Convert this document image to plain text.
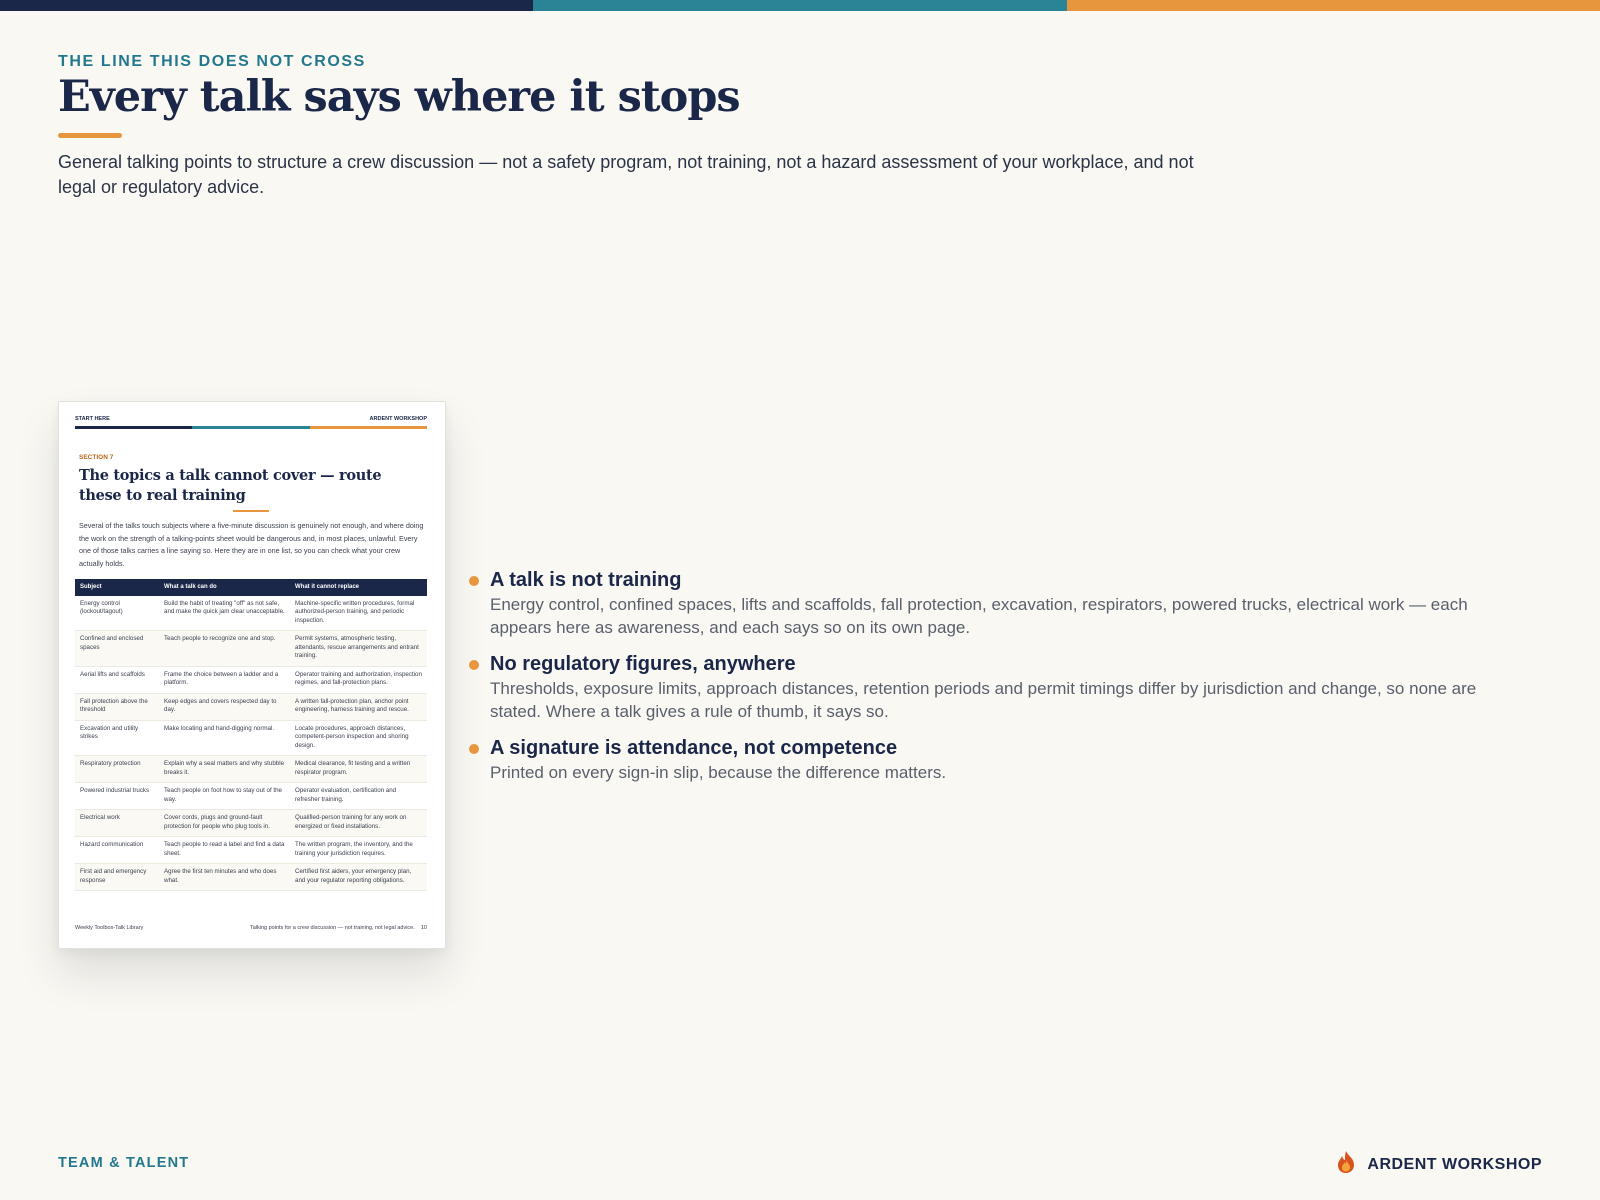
THE LINE THIS DOES NOT CROSS
Every talk says where it stops

General talking points to structure a crew discussion — not a safety program, not training, not a hazard assessment of your workplace, and not legal or regulatory advice.

START HERE	ARDENT WORKSHOP
SECTION 7
The topics a talk cannot cover — route these to real training
Several of the talks touch subjects where a five-minute discussion is genuinely not enough, and where doing the work on the strength of a talking-points sheet would be dangerous and, in most places, unlawful. Every one of those talks carries a line saying so. Here they are in one list, so you can check what your crew actually holds.
Subject	What a talk can do	What it cannot replace
Energy control (lockout/tagout)	Build the habit of treating "off" as not safe, and make the quick jam clear unacceptable.	Machine-specific written procedures, formal authorized-person training, and periodic inspection.
Confined and enclosed spaces	Teach people to recognize one and stop.	Permit systems, atmospheric testing, attendants, rescue arrangements and entrant training.
Aerial lifts and scaffolds	Frame the choice between a ladder and a platform.	Operator training and authorization, inspection regimes, and fall-protection plans.
Fall protection above the threshold	Keep edges and covers respected day to day.	A written fall-protection plan, anchor point engineering, harness training and rescue.
Excavation and utility strikes	Make locating and hand-digging normal.	Locate procedures, approach distances, competent-person inspection and shoring design.
Respiratory protection	Explain why a seal matters and why stubble breaks it.	Medical clearance, fit testing and a written respirator program.
Powered industrial trucks	Teach people on foot how to stay out of the way.	Operator evaluation, certification and refresher training.
Electrical work	Cover cords, plugs and ground-fault protection for people who plug tools in.	Qualified-person training for any work on energized or fixed installations.
Hazard communication	Teach people to read a label and find a data sheet.	The written program, the inventory, and the training your jurisdiction requires.
First aid and emergency response	Agree the first ten minutes and who does what.	Certified first aiders, your emergency plan, and your regulator reporting obligations.
Weekly Toolbox-Talk Library	Talking points for a crew discussion — not training, not legal advice. 10
A talk is not training
Energy control, confined spaces, lifts and scaffolds, fall protection, excavation, respirators, powered trucks, electrical work — each appears here as awareness, and each says so on its own page.
No regulatory figures, anywhere
Thresholds, exposure limits, approach distances, retention periods and permit timings differ by jurisdiction and change, so none are stated. Where a talk gives a rule of thumb, it says so.
A signature is attendance, not competence
Printed on every sign-in slip, because the difference matters.
TEAM & TALENT	ARDENT WORKSHOP
